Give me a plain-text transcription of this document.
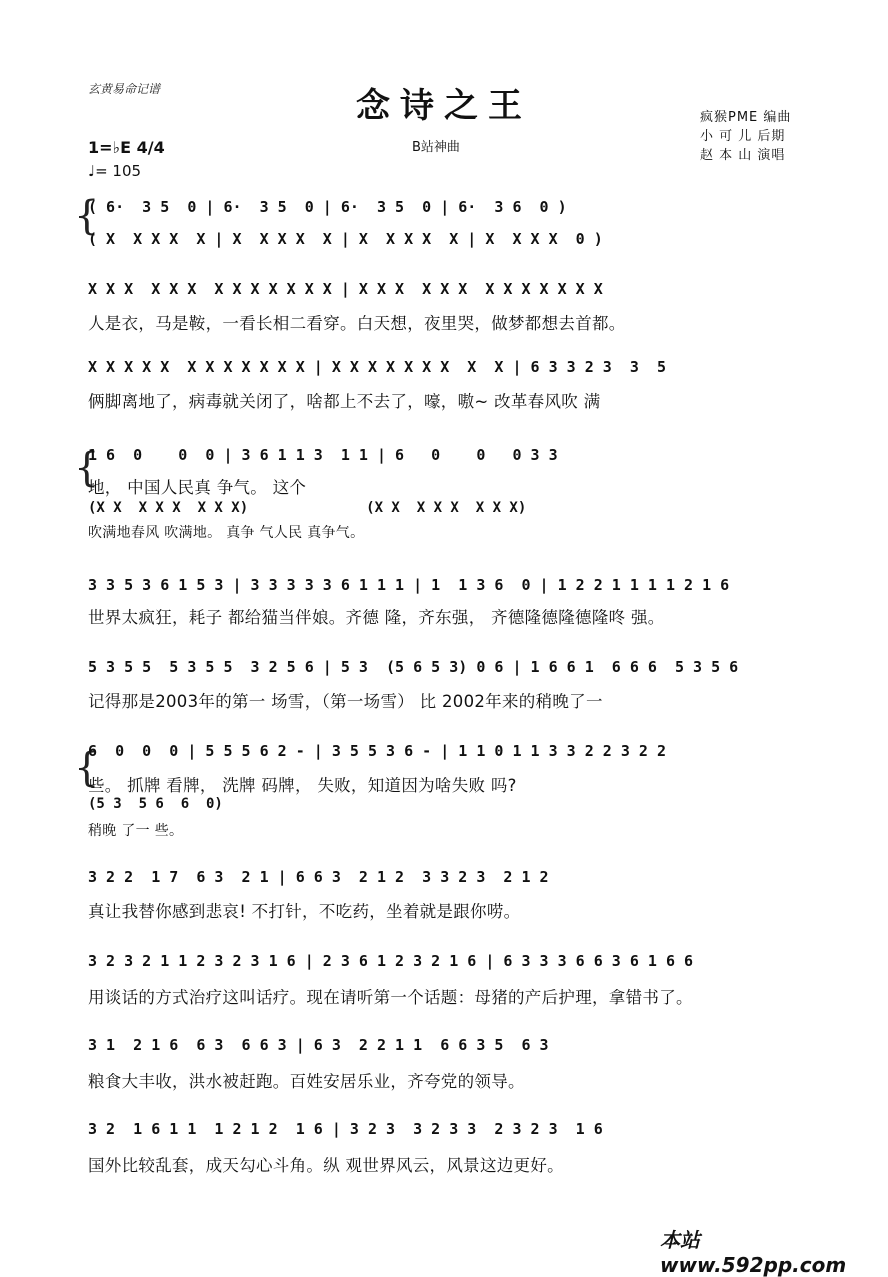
玄黄易命记谱	念诗之王
B站神曲
疯猴PME 编曲
小 可 儿 后期
赵 本 山 演唱
1=♭E 4/4
♩= 105
{
( 6·  3 5  0 | 6·  3 5  0 | 6·  3 5  0 | 6·  3 6  0 )
( X  X X X  X | X  X X X  X | X  X X X  X | X  X X X  0 )
X X X  X X X  X X X X X X X | X X X  X X X  X X X X X X X
人是衣，马是鞍，一看长相二看穿。白天想，夜里哭，做梦都想去首都。
X X X X X  X X X X X X X | X X X X X X X  X  X | 6 3 3 2 3  3  5
俩脚离地了，病毒就关闭了，啥都上不去了，嚎，嗷~ 改革春风吹 满
{
1 6  0    0  0 | 3 6 1 1 3  1 1 | 6   0    0   0 3 3
地， 中国人民真 争气。 这个
(X X  X X X  X X X)              (X X  X X X  X X X)
吹满地春风 吹满地。 真争 气人民 真争气。
3 3 5 3 6 1 5 3 | 3 3 3 3 3 6 1 1 1 | 1  1 3 6  0 | 1 2 2 1 1 1 1 2 1 6
世界太疯狂，耗子 都给猫当伴娘。齐德 隆，齐东强， 齐德隆德隆德隆咚 强。
5 3 5 5  5 3 5 5  3 2 5 6 | 5 3  (5 6 5 3) 0 6 | 1 6 6 1  6 6 6  5 3 5 6
记得那是2003年的第一 场雪，（第一场雪） 比 2002年来的稍晚了一
{
6  0  0  0 | 5 5 5 6 2 - | 3 5 5 3 6 - | 1 1 0 1 1 3 3 2 2 3 2 2
些。 抓牌 看牌， 洗牌 码牌， 失败，知道因为啥失败 吗?
(5 3  5 6  6  0)
稍晚 了一 些。
3 2 2  1 7  6 3  2 1 | 6 6 3  2 1 2  3 3 2 3  2 1 2
真让我替你感到悲哀! 不打针，不吃药，坐着就是跟你唠。
3 2 3 2 1 1 2 3 2 3 1 6 | 2 3 6 1 2 3 2 1 6 | 6 3 3 3 6 6 3 6 1 6 6
用谈话的方式治疗这叫话疗。现在请听第一个话题：母猪的产后护理，拿错书了。
3 1  2 1 6  6 3  6 6 3 | 6 3  2 2 1 1  6 6 3 5  6 3
粮食大丰收，洪水被赶跑。百姓安居乐业，齐夸党的领导。
3 2  1 6 1 1  1 2 1 2  1 6 | 3 2 3  3 2 3 3  2 3 2 3  1 6
国外比较乱套，成天勾心斗角。纵 观世界风云，风景这边更好。
本站 www.592pp.com
